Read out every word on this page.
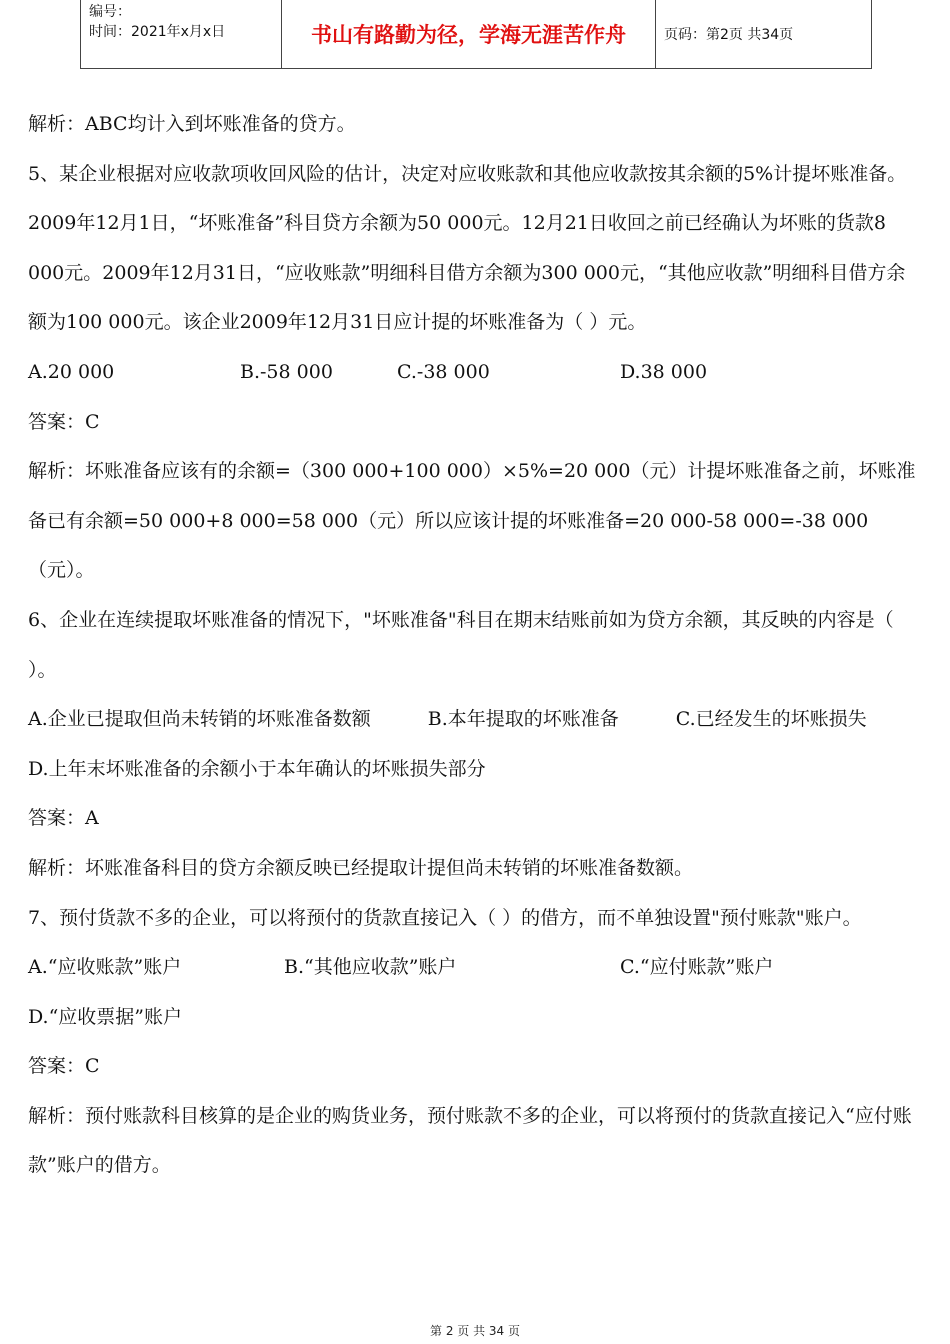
编号：
时间：2021年x月x日	书山有路勤为径，学海无涯苦作舟	页码：第2页 共34页

解析：ABC均计入到坏账准备的贷方。

5、某企业根据对应收款项收回风险的估计，决定对应收账款和其他应收款按其余额的5%计提坏账准备。2009年12月1日，“坏账准备”科目贷方余额为50 000元。12月21日收回之前已经确认为坏账的货款8 000元。2009年12月31日，“应收账款”明细科目借方余额为300 000元，“其他应收款”明细科目借方余额为100 000元。该企业2009年12月31日应计提的坏账准备为（ ）元。

A.20 000	B.-58 000	C.-38 000	D.38 000

答案：C

解析：坏账准备应该有的余额=（300 000+100 000）×5%=20 000（元）计提坏账准备之前，坏账准备已有余额=50 000+8 000=58 000（元）所以应该计提的坏账准备=20 000-58 000=-38 000（元）。

6、企业在连续提取坏账准备的情况下，"坏账准备"科目在期末结账前如为贷方余额，其反映的内容是（ ）。

A.企业已提取但尚未转销的坏账准备数额　　　B.本年提取的坏账准备　　　C.已经发生的坏账损失　　　D.上年末坏账准备的余额小于本年确认的坏账损失部分

答案：A

解析：坏账准备科目的贷方余额反映已经提取计提但尚未转销的坏账准备数额。

7、预付货款不多的企业，可以将预付的货款直接记入（ ）的借方，而不单独设置"预付账款"账户。

A.“应收账款”账户	B.“其他应收款”账户	C.“应付账款”账户

D.“应收票据”账户

答案：C

解析：预付账款科目核算的是企业的购货业务，预付账款不多的企业，可以将预付的货款直接记入“应付账款”账户的借方。

第 2 页 共 34 页
